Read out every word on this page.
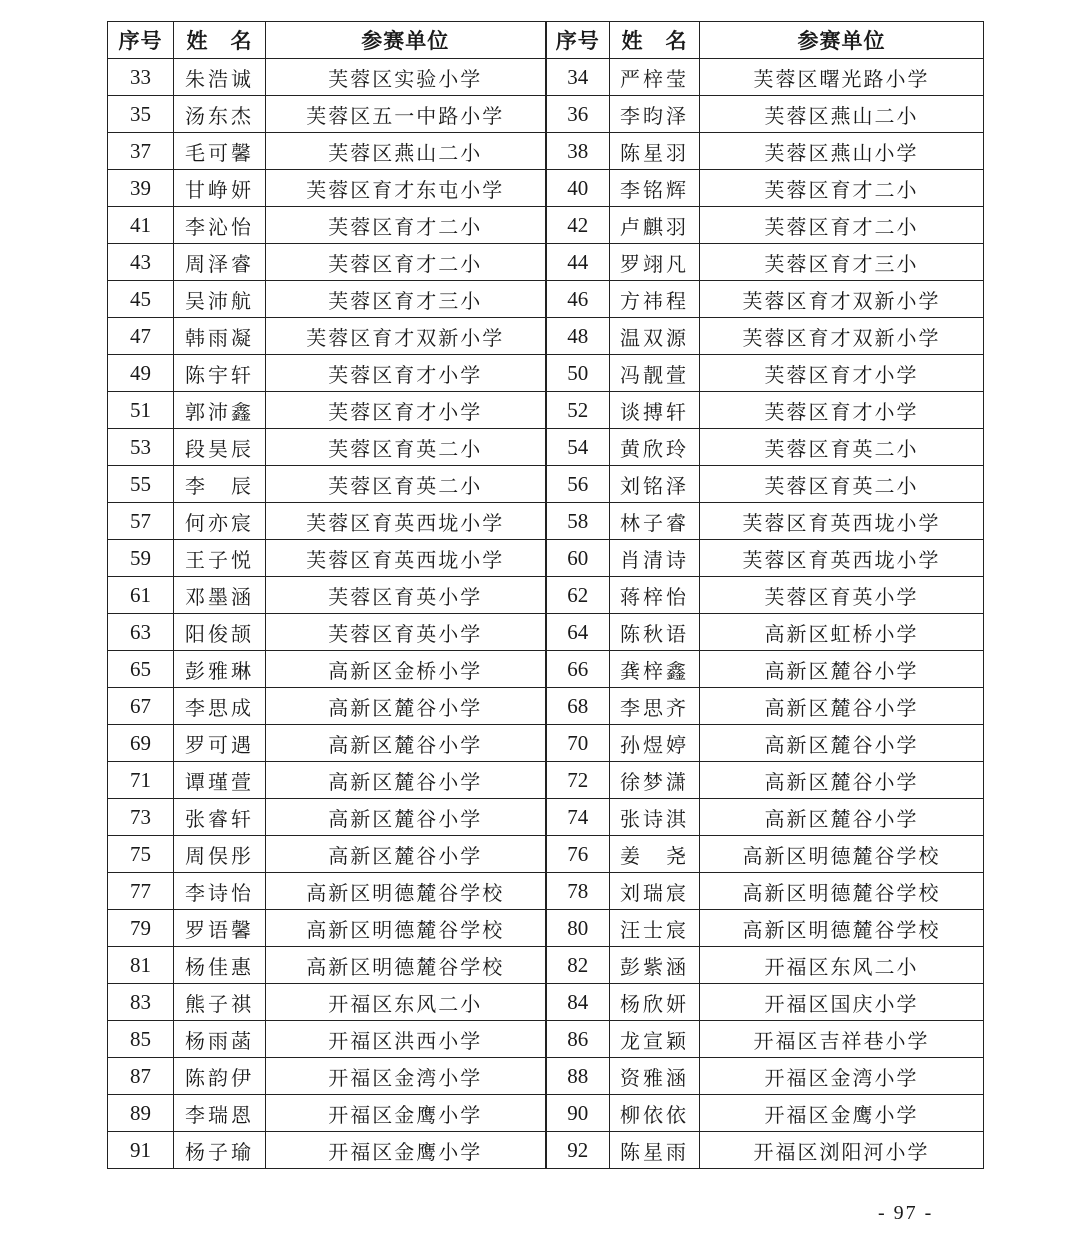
序号	姓　名	参赛单位	序号	姓　名	参赛单位
33	朱浩诚	芙蓉区实验小学	34	严梓莹	芙蓉区曙光路小学
35	汤东杰	芙蓉区五一中路小学	36	李昀泽	芙蓉区燕山二小
37	毛可馨	芙蓉区燕山二小	38	陈星羽	芙蓉区燕山小学
39	甘峥妍	芙蓉区育才东屯小学	40	李铭辉	芙蓉区育才二小
41	李沁怡	芙蓉区育才二小	42	卢麒羽	芙蓉区育才二小
43	周泽睿	芙蓉区育才二小	44	罗翊凡	芙蓉区育才三小
45	吴沛航	芙蓉区育才三小	46	方祎程	芙蓉区育才双新小学
47	韩雨凝	芙蓉区育才双新小学	48	温双源	芙蓉区育才双新小学
49	陈宇轩	芙蓉区育才小学	50	冯靓萱	芙蓉区育才小学
51	郭沛鑫	芙蓉区育才小学	52	谈搏轩	芙蓉区育才小学
53	段昊辰	芙蓉区育英二小	54	黄欣玲	芙蓉区育英二小
55	李　辰	芙蓉区育英二小	56	刘铭泽	芙蓉区育英二小
57	何亦宸	芙蓉区育英西垅小学	58	林子睿	芙蓉区育英西垅小学
59	王子悦	芙蓉区育英西垅小学	60	肖清诗	芙蓉区育英西垅小学
61	邓墨涵	芙蓉区育英小学	62	蒋梓怡	芙蓉区育英小学
63	阳俊颉	芙蓉区育英小学	64	陈秋语	高新区虹桥小学
65	彭雅琳	高新区金桥小学	66	龚梓鑫	高新区麓谷小学
67	李思成	高新区麓谷小学	68	李思齐	高新区麓谷小学
69	罗可遇	高新区麓谷小学	70	孙煜婷	高新区麓谷小学
71	谭瑾萱	高新区麓谷小学	72	徐梦潇	高新区麓谷小学
73	张睿轩	高新区麓谷小学	74	张诗淇	高新区麓谷小学
75	周俣彤	高新区麓谷小学	76	姜　尧	高新区明德麓谷学校
77	李诗怡	高新区明德麓谷学校	78	刘瑞宸	高新区明德麓谷学校
79	罗语馨	高新区明德麓谷学校	80	汪士宸	高新区明德麓谷学校
81	杨佳惠	高新区明德麓谷学校	82	彭紫涵	开福区东风二小
83	熊子祺	开福区东风二小	84	杨欣妍	开福区国庆小学
85	杨雨菡	开福区洪西小学	86	龙宣颖	开福区吉祥巷小学
87	陈韵伊	开福区金湾小学	88	资雅涵	开福区金湾小学
89	李瑞恩	开福区金鹰小学	90	柳依依	开福区金鹰小学
91	杨子瑜	开福区金鹰小学	92	陈星雨	开福区浏阳河小学
- 97 -
